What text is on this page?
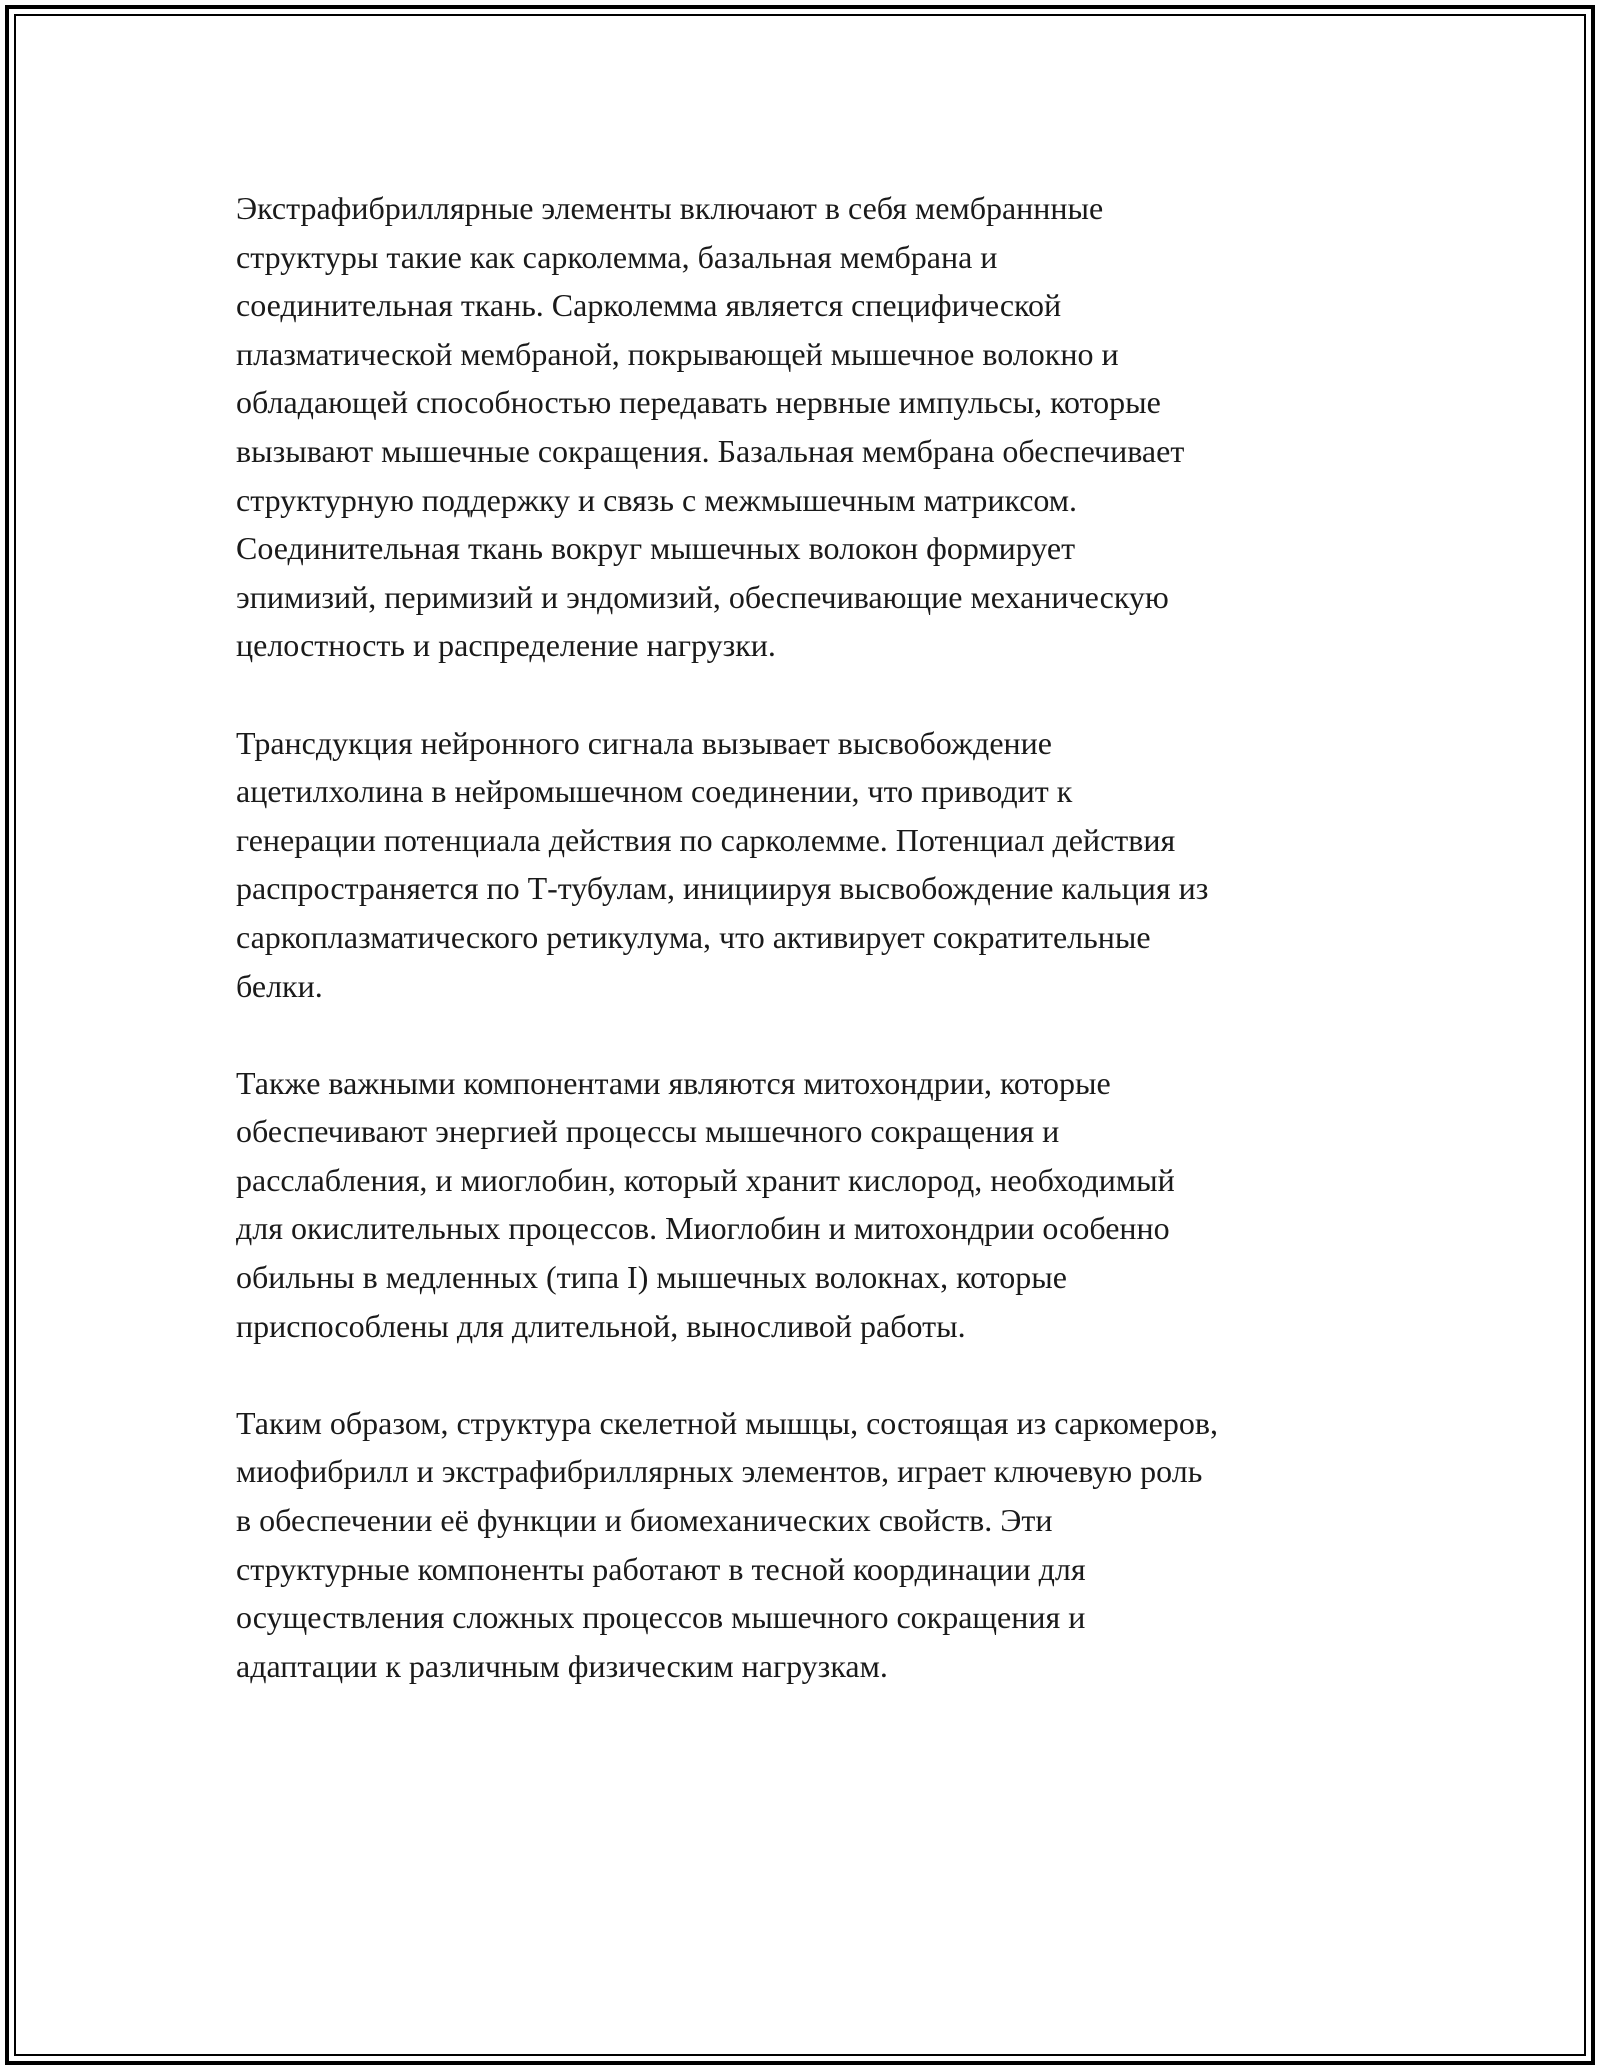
Экстрафибриллярные элементы включают в себя мембраннные
структуры такие как сарколемма, базальная мембрана и
соединительная ткань. Сарколемма является специфической
плазматической мембраной, покрывающей мышечное волокно и
обладающей способностью передавать нервные импульсы, которые
вызывают мышечные сокращения. Базальная мембрана обеспечивает
структурную поддержку и связь с межмышечным матриксом.
Соединительная ткань вокруг мышечных волокон формирует
эпимизий, перимизий и эндомизий, обеспечивающие механическую
целостность и распределение нагрузки.

Трансдукция нейронного сигнала вызывает высвобождение
ацетилхолина в нейромышечном соединении, что приводит к
генерации потенциала действия по сарколемме. Потенциал действия
распространяется по Т-тубулам, инициируя высвобождение кальция из
саркоплазматического ретикулума, что активирует сократительные
белки.

Также важными компонентами являются митохондрии, которые
обеспечивают энергией процессы мышечного сокращения и
расслабления, и миоглобин, который хранит кислород, необходимый
для окислительных процессов. Миоглобин и митохондрии особенно
обильны в медленных (типа I) мышечных волокнах, которые
приспособлены для длительной, выносливой работы.

Таким образом, структура скелетной мышцы, состоящая из саркомеров,
миофибрилл и экстрафибриллярных элементов, играет ключевую роль
в обеспечении её функции и биомеханических свойств. Эти
структурные компоненты работают в тесной координации для
осуществления сложных процессов мышечного сокращения и
адаптации к различным физическим нагрузкам.
